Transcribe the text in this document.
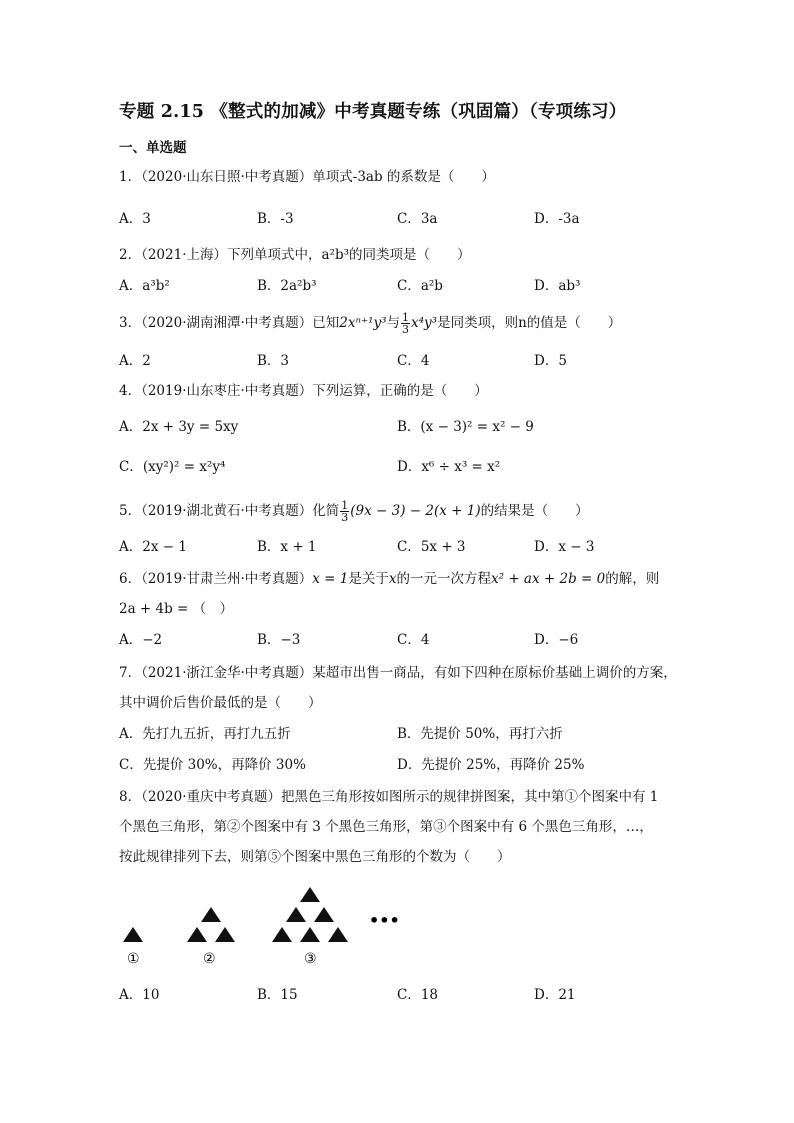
专题 2.15 《整式的加减》中考真题专练（巩固篇）（专项练习）
一、单选题
1．（2020·山东日照·中考真题）单项式-3ab 的系数是（　　）
A．3	B．-3	C．3a	D．-3a
2．（2021·上海）下列单项式中，a²b³的同类项是（　　）
A．a³b²	B．2a²b³	C．a²b	D．ab³
3．（2020·湖南湘潭·中考真题）已知2xⁿ⁺¹y³与 $\frac{1}{3} x^4y^3$是同类项，则n的值是（　　）
A．2	B．3	C．4	D．5
4．（2019·山东枣庄·中考真题）下列运算，正确的是（　　）
A．2x + 3y = 5xy	B．(x − 3)² = x² − 9
C．(xy²)² = x²y⁴	D．x⁶ ÷ x³ = x²
5．（2019·湖北黄石·中考真题）化简 $\frac{1}{3} (9x - 3) - 2(x + 1)$的结果是（　　）
A．2x − 1	B．x + 1	C．5x + 3	D．x − 3
6．（2019·甘肃兰州·中考真题）x = 1是关于x的一元一次方程x² + ax + 2b = 0的解，则
2a + 4b = （　）
A．−2	B．−3	C．4	D．−6
7．（2021·浙江金华·中考真题）某超市出售一商品，有如下四种在原标价基础上调价的方案，
其中调价后售价最低的是（　　）
A．先打九五折，再打九五折	B．先提价 50%，再打六折
C．先提价 30%，再降价 30%	D．先提价 25%，再降价 25%
8．（2020·重庆中考真题）把黑色三角形按如图所示的规律拼图案，其中第①个图案中有 1
个黑色三角形，第②个图案中有 3 个黑色三角形，第③个图案中有 6 个黑色三角形，…，
按此规律排列下去，则第⑤个图案中黑色三角形的个数为（　　）
①	②	③
•••
A．10	B．15	C．18	D．21
